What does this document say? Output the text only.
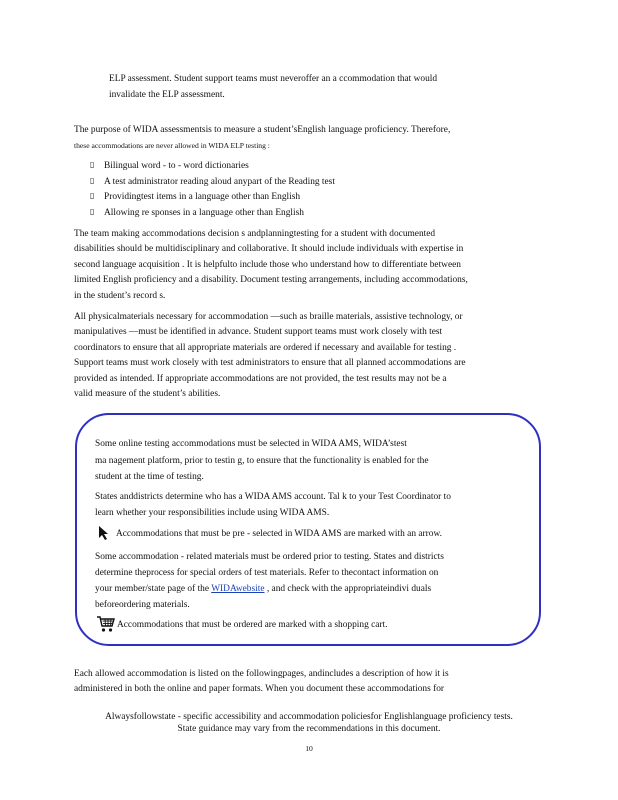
ELP assessment. Student support teams must neveroffer an a ccommodation that would
invalidate the ELP assessment.
The purpose of WIDA assessmentsis to measure a student’sEnglish language proficiency. Therefore,
these accommodations are never allowed in WIDA ELP testing :
▯ Bilingual word - to - word dictionaries
▯ A test administrator reading aloud anypart of the Reading test
▯ Providingtest items in a language other than English
▯ Allowing re sponses in a language other than English
The team making accommodations decision s andplanningtesting for a student with documented
disabilities should be multidisciplinary and collaborative. It should include individuals with expertise in
second language acquisition . It is helpfulto include those who understand how to differentiate between
limited English proficiency and a disability. Document testing arrangements, including accommodations,
in the student’s record s.
All physicalmaterials necessary for accommodation —such as braille materials, assistive technology, or
manipulatives —must be identified in advance. Student support teams must work closely with test
coordinators to ensure that all appropriate materials are ordered if necessary and available for testing .
Support teams must work closely with test administrators to ensure that all planned accommodations are
provided as intended. If appropriate accommodations are not provided, the test results may not be a
valid measure of the student’s abilities.
Some online testing accommodations must be selected in WIDA AMS, WIDA’stest
ma nagement platform, prior to testin g, to ensure that the functionality is enabled for the
student at the time of testing.
States anddistricts determine who has a WIDA AMS account. Tal k to your Test Coordinator to
learn whether your responsibilities include using WIDA AMS.
Accommodations that must be pre - selected in WIDA AMS are marked with an arrow.
Some accommodation - related materials must be ordered prior to testing. States and districts
determine theprocess for special orders of test materials. Refer to thecontact information on
your member/state page of the WIDAwebsite , and check with the appropriateindivi duals
beforeordering materials.
Accommodations that must be ordered are marked with a shopping cart.
Each allowed accommodation is listed on the followingpages, andincludes a description of how it is
administered in both the online and paper formats. When you document these accommodations for
Alwaysfollowstate - specific accessibility and accommodation policiesfor Englishlanguage proficiency tests.
State guidance may vary from the recommendations in this document.
10
